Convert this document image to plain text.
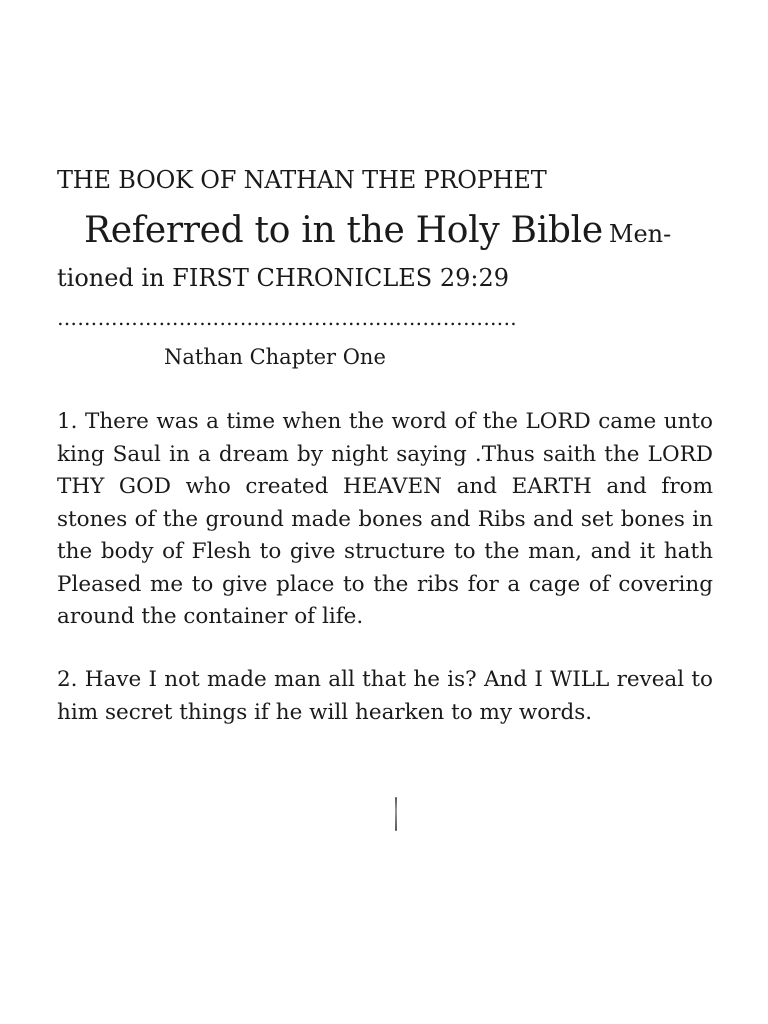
THE BOOK OF NATHAN THE PROPHET
Referred to in the Holy Bible Men-
tioned in FIRST CHRONICLES 29:29
…………………………………………………………..
Nathan Chapter One

1. There was a time when the word of the LORD came unto king Saul in a dream by night saying .Thus saith the LORD THY GOD who created HEAVEN and EARTH and from stones of the ground made bones and Ribs and set bones in the body of Flesh to give structure to the man, and it hath Pleased me to give place to the ribs for a cage of covering around the container of life.

2. Have I not made man all that he is? And I WILL reveal to him secret things if he will hearken to my words.
